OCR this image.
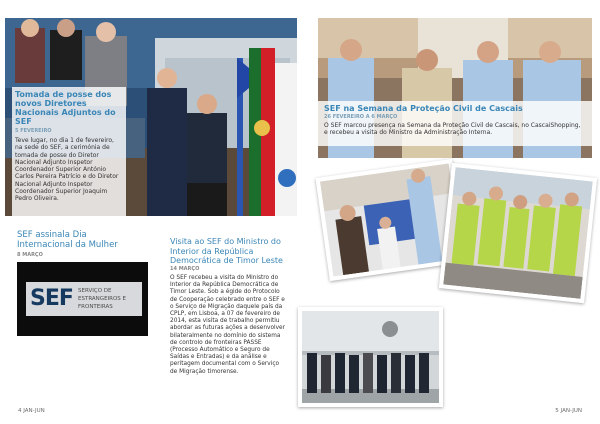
Tomada de posse dos novos Diretores Nacionais Adjuntos do SEF
5 FEVEREIRO
Teve lugar, no dia 1 de fevereiro, na sede do SEF, a cerimónia de tomada de posse do Diretor Nacional Adjunto Inspetor Coordenador Superior António Carlos Pereira Patrício e do Diretor Nacional Adjunto Inspetor Coordenador Superior Joaquim Pedro Oliveira.
SEF assinala Dia Internacional da Mulher
8 MARÇO
SEF SERVIÇO DE ESTRANGEIROS E FRONTEIRAS
Visita ao SEF do Ministro do Interior da República Democrática de Timor Leste
14 MARÇO
O SEF recebeu a visita do Ministro do Interior da República Democrática de Timor Leste. Sob a égide do Protocolo de Cooperação celebrado entre o SEF e o Serviço de Migração daquele país da CPLP, em Lisboa, a 07 de fevereiro de 2014, esta visita de trabalho permitiu abordar as futuras ações a desenvolver bilateralmente no domínio do sistema de controlo de fronteiras PASSE (Processo Automático e Seguro de Saídas e Entradas) e da análise e peritagem documental com o Serviço de Migração timorense.
4 JAN-JUN
SEF na Semana da Proteção Civil de Cascais
26 FEVEREIRO A 6 MARÇO
O SEF marcou presença na Semana da Proteção Civil de Cascais, no CascaiShopping, e recebeu a visita do Ministro da Administração Interna.
5 JAN-JUN
